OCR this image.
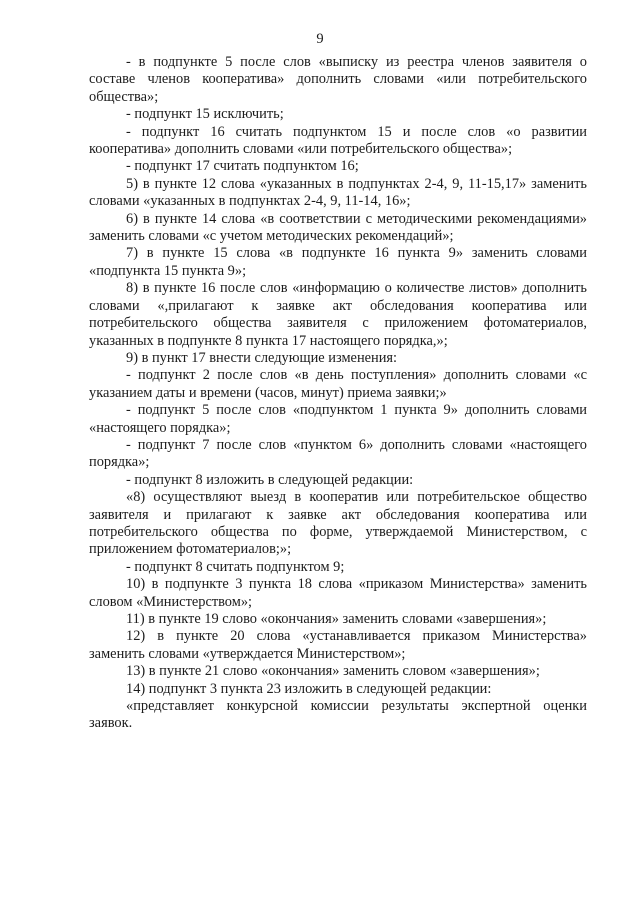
9

- в подпункте 5 после слов «выписку из реестра членов заявителя о составе членов кооператива» дополнить словами «или потребительского общества»;

- подпункт 15 исключить;

- подпункт 16 считать подпунктом 15 и после слов «о развитии кооператива» дополнить словами «или потребительского общества»;

- подпункт 17 считать подпунктом 16;

5) в пункте 12 слова «указанных в подпунктах 2-4, 9, 11-15,17» заменить словами «указанных в подпунктах 2-4, 9, 11-14, 16»;

6) в пункте 14 слова «в соответствии с методическими рекомендациями» заменить словами «с учетом методических рекомендаций»;

7) в пункте 15 слова «в подпункте 16 пункта 9» заменить словами «подпункта 15 пункта 9»;

8) в пункте 16 после слов «информацию о количестве листов» дополнить словами «,прилагают к заявке акт обследования кооператива или потребительского общества заявителя с приложением фотоматериалов, указанных в подпункте 8 пункта 17 настоящего порядка,»;

9) в пункт 17 внести следующие изменения:

- подпункт 2 после слов «в день поступления» дополнить словами «с указанием даты и времени (часов, минут) приема заявки;»

- подпункт 5 после слов «подпунктом 1 пункта 9» дополнить словами «настоящего порядка»;

- подпункт 7 после слов «пунктом 6» дополнить словами «настоящего порядка»;

- подпункт 8 изложить в следующей редакции:

«8) осуществляют выезд в кооператив или потребительское общество заявителя и прилагают к заявке акт обследования кооператива или потребительского общества по форме, утверждаемой Министерством, с приложением фотоматериалов;»;

- подпункт 8 считать подпунктом 9;

10) в подпункте 3 пункта 18 слова «приказом Министерства» заменить словом «Министерством»;

11) в пункте 19 слово «окончания» заменить словами «завершения»;

12) в пункте 20 слова «устанавливается приказом Министерства» заменить словами «утверждается Министерством»;

13) в пункте 21 слово «окончания» заменить словом «завершения»;

14) подпункт 3 пункта 23 изложить в следующей редакции:

«представляет конкурсной комиссии результаты экспертной оценки заявок.
